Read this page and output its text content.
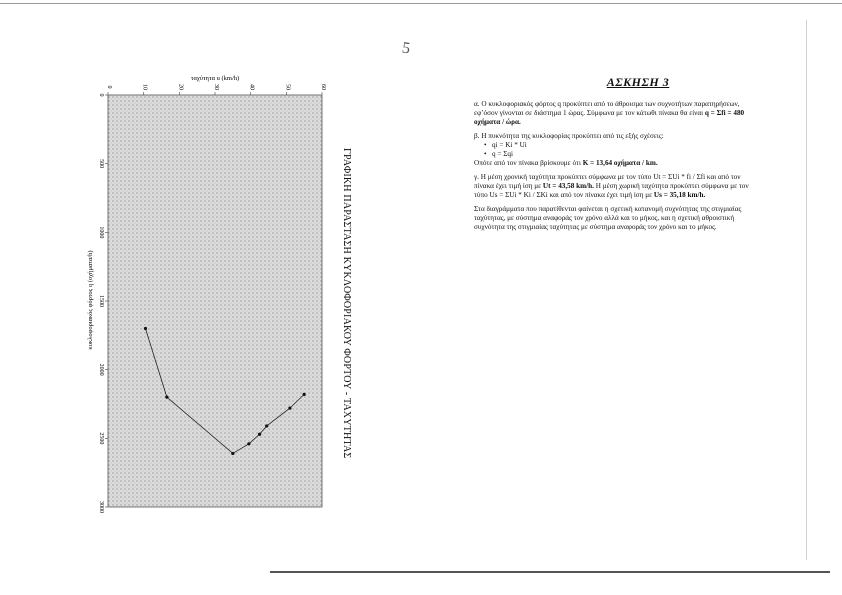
5
0	10	20	30	40	50	60
0
500
1000
1500
2000
2500
3000
ταχύτητα u (km/h)
κυκλοφοριακός φόρτος q (οχήματα/h)	ΓΡΑΦΙΚΗ ΠΑΡΑΣΤΑΣΗ ΚΥΚΛΟΦΟΡΙΑΚΟΥ ΦΟΡΤΟΥ - ΤΑΧΥΤΗΤΑΣ
ΑΣΚΗΣΗ 3
α. Ο κυκλοφοριακός φόρτος q προκύπτει από το άθροισμα των συχνοτήτων παρατηρήσεων, εφ’όσον γίνονται σε διάστημα 1 ώρας. Σύμφωνα με τον κάτωθι πίνακα θα είναι q = Σfi = 480 οχήματα / ώρα.
β. Η πυκνότητα της κυκλοφορίας προκύπτει από τις εξής σχέσεις:
• qi = Ki * Ui
• q = Σqi
Οπότε από τον πίνακα βρίσκουμε ότι K = 13,64 οχήματα / km.
γ. Η μέση χρονική ταχύτητα προκύπτει σύμφωνα με τον τύπο Ut = ΣUi * fi / Σfi και από τον πίνακα έχει τιμή ίση με Ut = 43,58 km/h. Η μέση χωρική ταχύτητα προκύπτει σύμφωνα με τον τύπο Us = ΣUi * Ki / ΣKi και από τον πίνακα έχει τιμή ίση με Us = 35,18 km/h.
Στα διαγράμματα που παρατίθενται φαίνεται η σχετική κατανομή συχνότητας της στιγμιαίας ταχύτητας, με σύστημα αναφοράς τον χρόνο αλλά και το μήκος, και η σχετική αθροιστική συχνότητα της στιγμιαίας ταχύτητας με σύστημα αναφοράς τον χρόνο και το μήκος.
